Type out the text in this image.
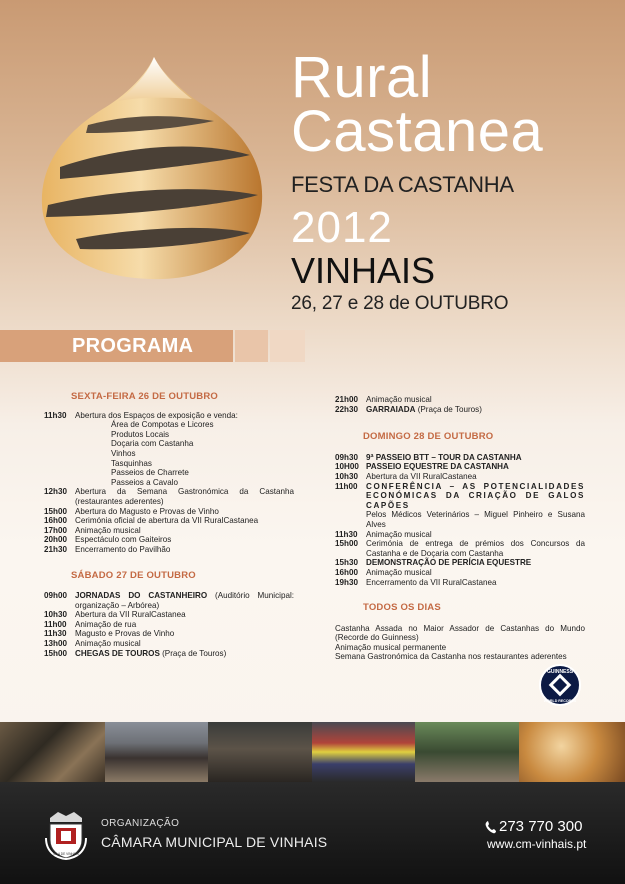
Rural
Castanea
FESTA DA CASTANHA
2012
VINHAIS
26, 27 e 28 de OUTUBRO
PROGRAMA
SEXTA-FEIRA 26 DE OUTUBRO
11h30	Abertura dos Espaços de exposição e venda:
Área de Compotas e Licores
Produtos Locais
Doçaria com Castanha
Vinhos
Tasquinhas
Passeios de Charrete
Passeios a Cavalo
12h30 Abertura da Semana Gastronómica da Castanha (restaurantes aderentes)
15h00 Abertura do Magusto e Provas de Vinho
16h00 Cerimónia oficial de abertura da VII RuralCastanea
17h00 Animação musical
20h00 Espectáculo com Gaiteiros
21h30 Encerramento do Pavilhão
SÁBADO 27 DE OUTUBRO
09h00 JORNADAS DO CASTANHEIRO (Auditório Municipal: organização – Arbórea)
10h30 Abertura da VII RuralCastanea
11h00	Animação de rua
11h30	Magusto e Provas de Vinho
13h00 Animação musical
15h00 CHEGAS DE TOUROS (Praça de Touros)
21h00 Animação musical
22h30 GARRAIADA (Praça de Touros)
DOMINGO 28 DE OUTUBRO
09h30 9ª PASSEIO BTT – TOUR DA CASTANHA
10H00 PASSEIO EQUESTRE DA CASTANHA
10h30 Abertura da VII RuralCastanea
11h00	CONFERÊNCIA – AS POTENCIALIDADES ECONÓMICAS DA CRIAÇÃO DE GALOS CAPÕES
Pelos Médicos Veterinários – Miguel Pinheiro e Susana Alves
11h30	Animação musical
15h00 Cerimónia de entrega de prémios dos Concursos da Castanha e de Doçaria com Castanha
15h30 DEMONSTRAÇÃO DE PERÍCIA EQUESTRE
16h00 Animação musical
19h30 Encerramento da VII RuralCastanea
TODOS OS DIAS
Castanha Assada no Maior Assador de Castanhas do Mundo (Recorde do Guinness)
Animação musical permanente
Semana Gastronómica da Castanha nos restaurantes aderentes
GUINNESS
WORLD RECORDS
VILA DE VINHAIS
ORGANIZAÇÃO
CÂMARA MUNICIPAL DE VINHAIS
273 770 300
www.cm-vinhais.pt
